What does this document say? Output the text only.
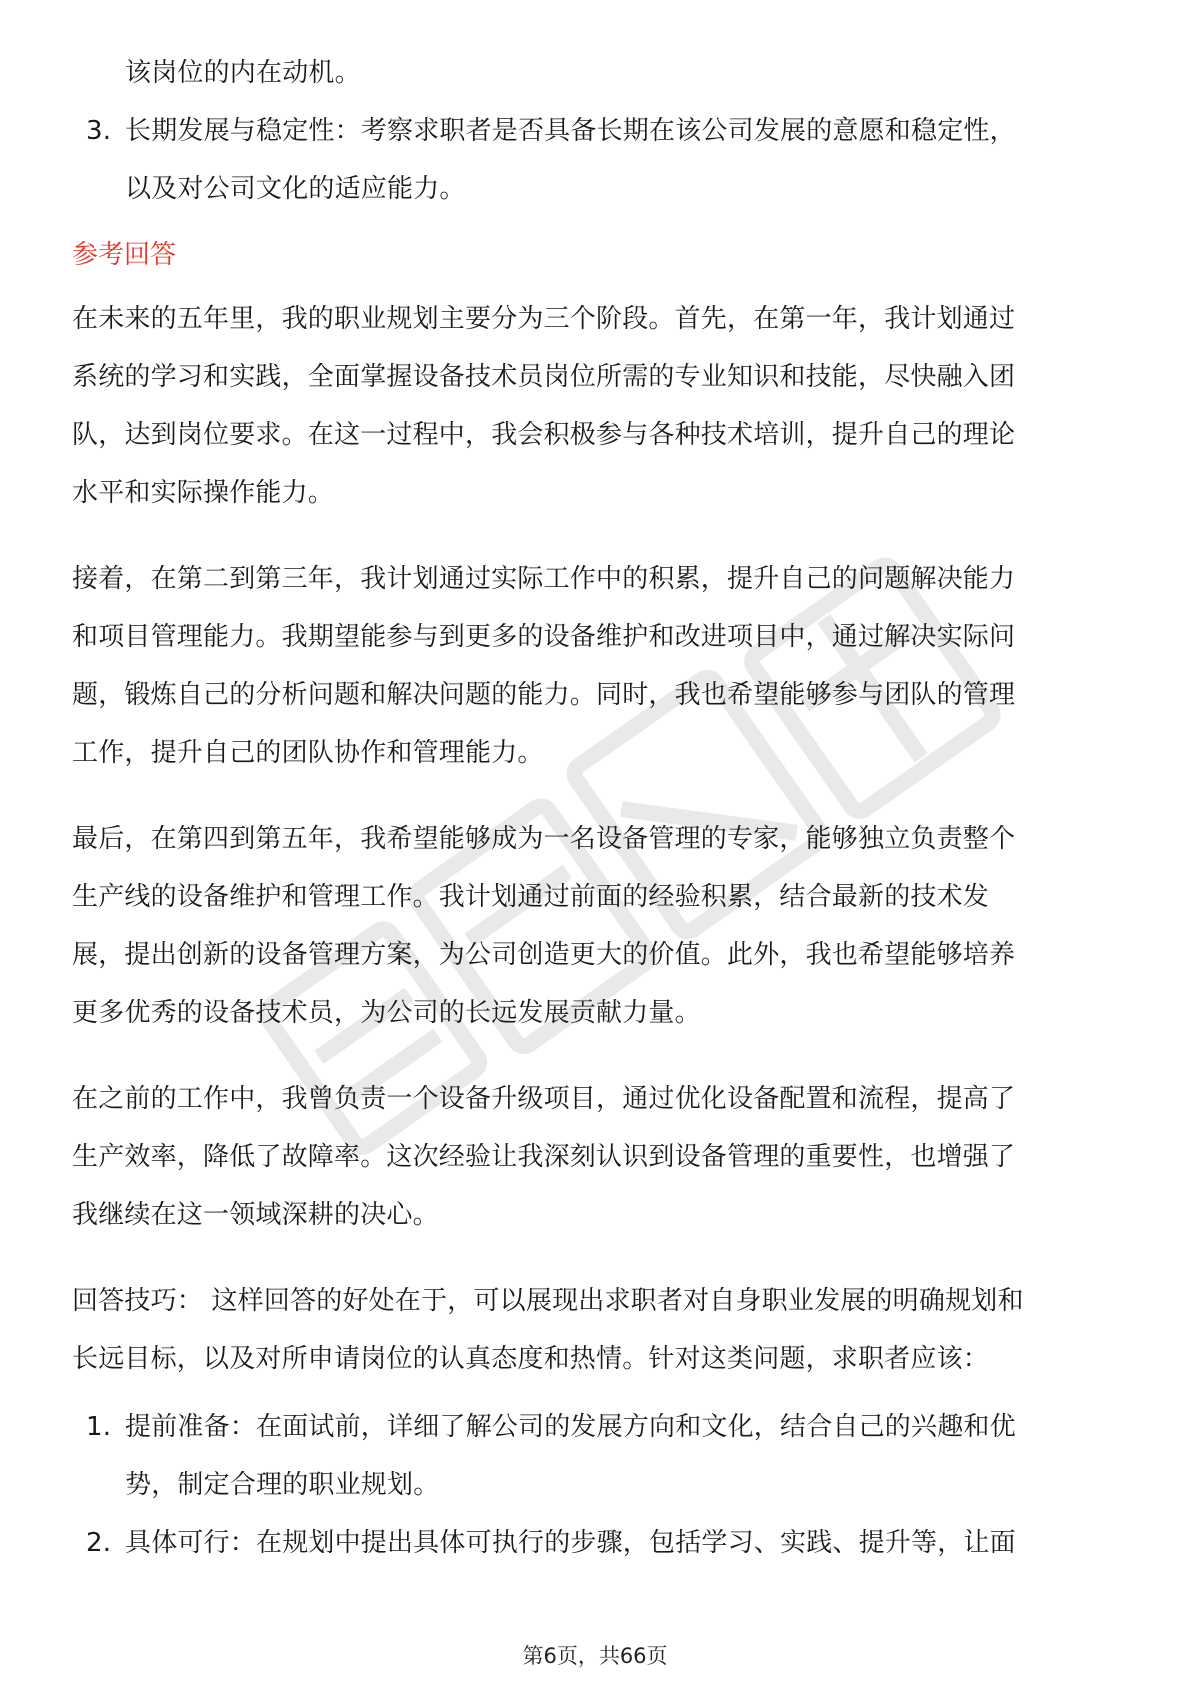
该岗位的内在动机。
3. 长期发展与稳定性：考察求职者是否具备长期在该公司发展的意愿和稳定性，
以及对公司文化的适应能力。
参考回答
在未来的五年里，我的职业规划主要分为三个阶段。首先，在第一年，我计划通过
系统的学习和实践，全面掌握设备技术员岗位所需的专业知识和技能，尽快融入团
队，达到岗位要求。在这一过程中，我会积极参与各种技术培训，提升自己的理论
水平和实际操作能力。
接着，在第二到第三年，我计划通过实际工作中的积累，提升自己的问题解决能力
和项目管理能力。我期望能参与到更多的设备维护和改进项目中，通过解决实际问
题，锻炼自己的分析问题和解决问题的能力。同时，我也希望能够参与团队的管理
工作，提升自己的团队协作和管理能力。
最后，在第四到第五年，我希望能够成为一名设备管理的专家，能够独立负责整个
生产线的设备维护和管理工作。我计划通过前面的经验积累，结合最新的技术发
展，提出创新的设备管理方案，为公司创造更大的价值。此外，我也希望能够培养
更多优秀的设备技术员，为公司的长远发展贡献力量。
在之前的工作中，我曾负责一个设备升级项目，通过优化设备配置和流程，提高了
生产效率，降低了故障率。这次经验让我深刻认识到设备管理的重要性，也增强了
我继续在这一领域深耕的决心。
回答技巧： 这样回答的好处在于，可以展现出求职者对自身职业发展的明确规划和
长远目标，以及对所申请岗位的认真态度和热情。针对这类问题，求职者应该：
1. 提前准备：在面试前，详细了解公司的发展方向和文化，结合自己的兴趣和优
势，制定合理的职业规划。
2. 具体可行：在规划中提出具体可执行的步骤，包括学习、实践、提升等，让面
第6页，共66页
